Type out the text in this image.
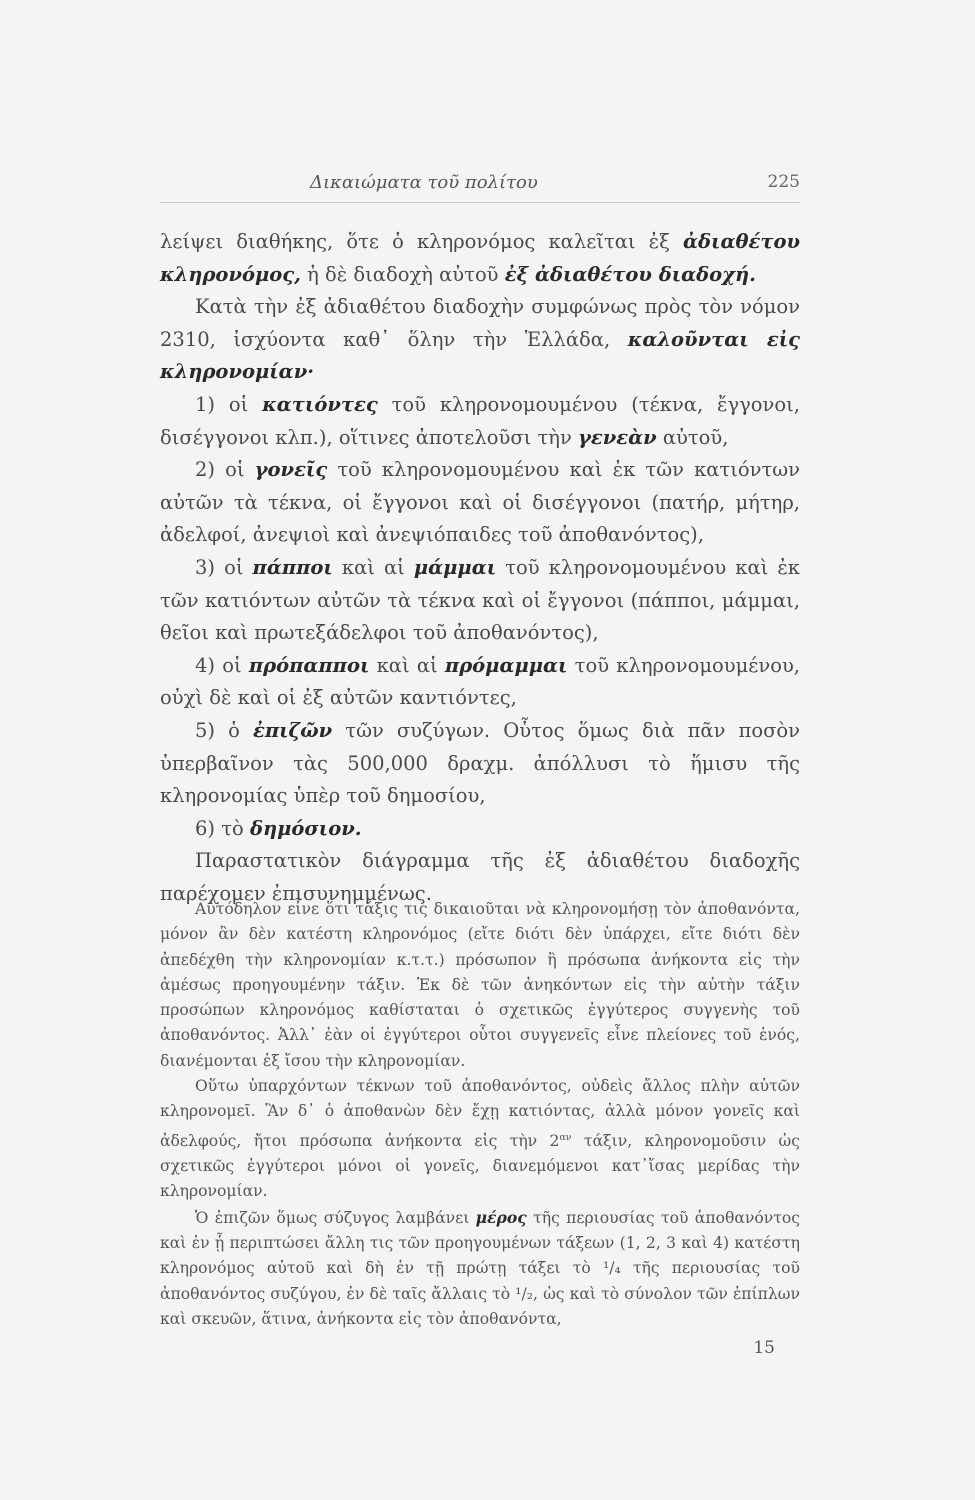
Δικαιώματα τοῦ πολίτου	225

λείψει διαθήκης, ὅτε ὁ κληρονόμος καλεῖται ἐξ ἀδιαθέτου κληρονόμος, ἡ δὲ διαδοχὴ αὐτοῦ ἐξ ἀδιαθέτου διαδοχή.

Κατὰ τὴν ἐξ ἀδιαθέτου διαδοχὴν συμφώνως πρὸς τὸν νόμον 2310, ἰσχύοντα καθ᾽ ὅλην τὴν Ἑλλάδα, καλοῦνται εἰς κληρονομίαν·

1) οἱ κατιόντες τοῦ κληρονομουμένου (τέκνα, ἔγγονοι, δισέγγονοι κλπ.), οἵτινες ἀποτελοῦσι τὴν γενεὰν αὐτοῦ,

2) οἱ γονεῖς τοῦ κληρονομουμένου καὶ ἐκ τῶν κατιόντων αὐτῶν τὰ τέκνα, οἱ ἔγγονοι καὶ οἱ δισέγγονοι (πατήρ, μήτηρ, ἀδελφοί, ἀνεψιοὶ καὶ ἀνεψιόπαιδες τοῦ ἀποθανόντος),

3) οἱ πάπποι καὶ αἱ μάμμαι τοῦ κληρονομουμένου καὶ ἐκ τῶν κατιόντων αὐτῶν τὰ τέκνα καὶ οἱ ἔγγονοι (πάπποι, μάμμαι, θεῖοι καὶ πρωτεξάδελφοι τοῦ ἀποθανόντος),

4) οἱ πρόπαπποι καὶ αἱ πρόμαμμαι τοῦ κληρονομουμένου, οὐχὶ δὲ καὶ οἱ ἐξ αὐτῶν καντιόντες,

5) ὁ ἐπιζῶν τῶν συζύγων. Οὗτος ὅμως διὰ πᾶν ποσὸν ὑπερβαῖνον τὰς 500,000 δραχμ. ἀπόλλυσι τὸ ἥμισυ τῆς κληρονομίας ὑπὲρ τοῦ δημοσίου,

6) τὸ δημόσιον.

Παραστατικὸν διάγραμμα τῆς ἐξ ἀδιαθέτου διαδοχῆς παρέχομεν ἐπισυνημμένως.

Αὐτόδηλον εἶνε ὅτι τάξις τις δικαιοῦται νὰ κληρονομήσῃ τὸν ἀποθανόντα, μόνον ἂν δὲν κατέστη κληρονόμος (εἴτε διότι δὲν ὑπάρχει, εἴτε διότι δὲν ἀπεδέχθη τὴν κληρονομίαν κ.τ.τ.) πρόσωπον ἢ πρόσωπα ἀνήκοντα εἰς τὴν ἀμέσως προηγουμένην τάξιν. Ἐκ δὲ τῶν ἀνηκόντων εἰς τὴν αὐτὴν τάξιν προσώπων κληρονόμος καθίσταται ὁ σχετικῶς ἐγγύτερος συγγενὴς τοῦ ἀποθανόντος. Ἀλλ᾽ ἐὰν οἱ ἐγγύτεροι οὗτοι συγγενεῖς εἶνε πλείονες τοῦ ἑνός, διανέμονται ἐξ ἴσου τὴν κληρονομίαν.

Οὕτω ὑπαρχόντων τέκνων τοῦ ἀποθανόντος, οὐδεὶς ἄλλος πλὴν αὐτῶν κληρονομεῖ. Ἂν δ᾽ ὁ ἀποθανὼν δὲν ἔχῃ κατιόντας, ἀλλὰ μόνον γονεῖς καὶ ἀδελφούς, ἤτοι πρόσωπα ἀνήκοντα εἰς τὴν $2^{\alpha\nu}$ τάξιν, κληρονομοῦσιν ὡς σχετικῶς ἐγγύτεροι μόνοι οἱ γονεῖς, διανεμόμενοι κατ᾽ἴσας μερίδας τὴν κληρονομίαν.

Ὁ ἐπιζῶν ὅμως σύζυγος λαμβάνει μέρος τῆς περιουσίας τοῦ ἀποθανόντος καὶ ἐν ᾗ περιπτώσει ἄλλη τις τῶν προηγουμένων τάξεων (1, 2, 3 καὶ 4) κατέστη κληρονόμος αὐτοῦ καὶ δὴ ἐν τῇ πρώτῃ τάξει τὸ ¹/₄ τῆς περιουσίας τοῦ ἀποθανόντος συζύγου, ἐν δὲ ταῖς ἄλλαις τὸ ¹/₂, ὡς καὶ τὸ σύνολον τῶν ἐπίπλων καὶ σκευῶν, ἅτινα, ἀνήκοντα εἰς τὸν ἀποθανόντα,

15
